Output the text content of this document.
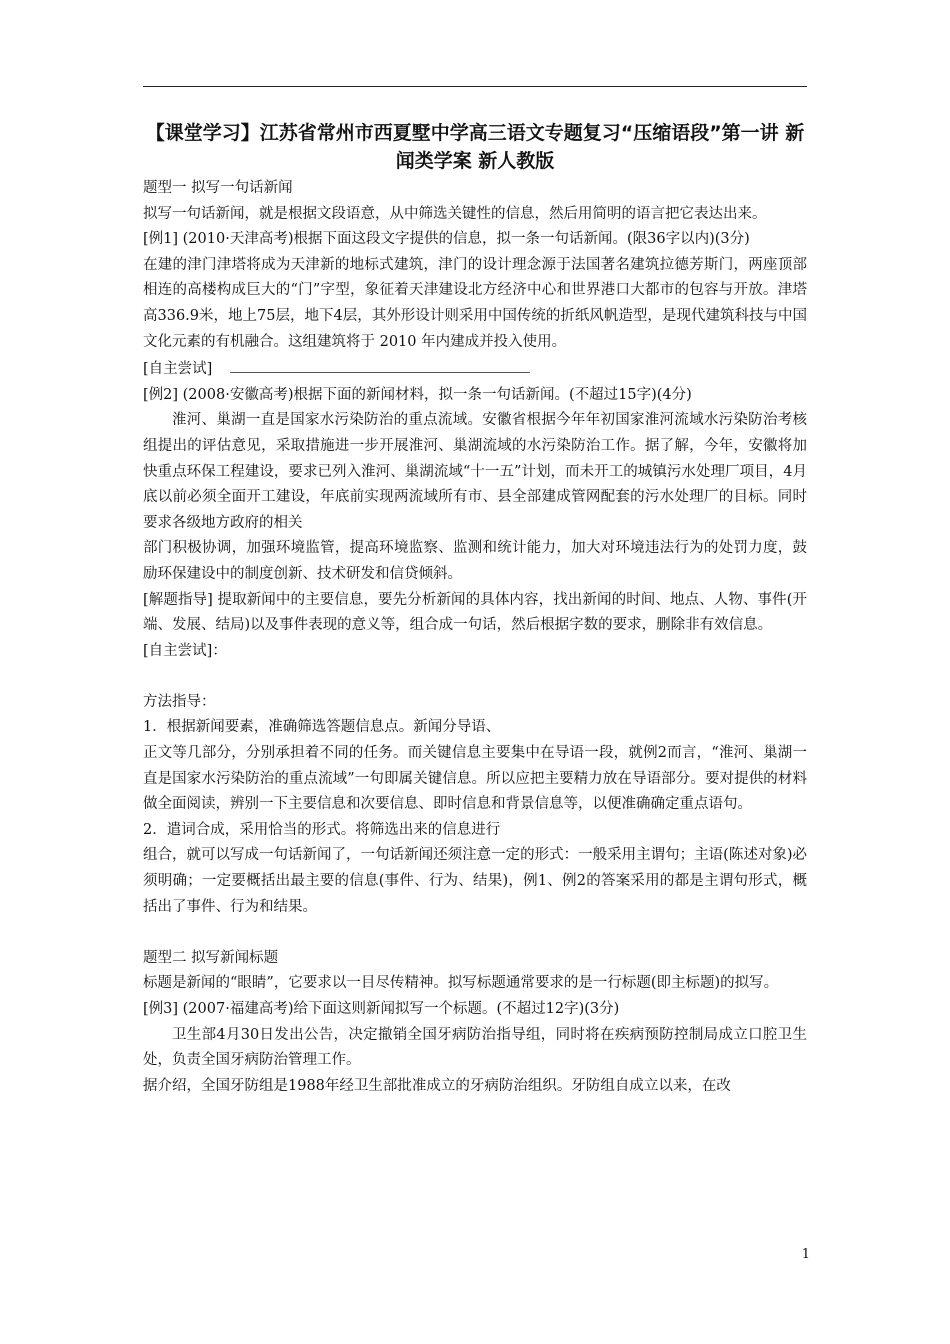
【课堂学习】江苏省常州市西夏墅中学高三语文专题复习“压缩语段”第一讲 新闻类学案 新人教版

题型一 拟写一句话新闻

拟写一句话新闻，就是根据文段语意，从中筛选关键性的信息，然后用简明的语言把它表达出来。

[例1] (2010·天津高考)根据下面这段文字提供的信息，拟一条一句话新闻。(限36字以内)(3分)

在建的津门津塔将成为天津新的地标式建筑，津门的设计理念源于法国著名建筑拉德芳斯门，两座顶部相连的高楼构成巨大的“门”字型，象征着天津建设北方经济中心和世界港口大都市的包容与开放。津塔高336.9米，地上75层，地下4层，其外形设计则采用中国传统的折纸风帆造型，是现代建筑科技与中国文化元素的有机融合。这组建筑将于 2010 年内建成并投入使用。

[自主尝试]

[例2] (2008·安徽高考)根据下面的新闻材料，拟一条一句话新闻。(不超过15字)(4分)

淮河、巢湖一直是国家水污染防治的重点流域。安徽省根据今年年初国家淮河流域水污染防治考核组提出的评估意见，采取措施进一步开展淮河、巢湖流域的水污染防治工作。据了解，今年，安徽将加快重点环保工程建设，要求已列入淮河、巢湖流域“十一五”计划，而未开工的城镇污水处理厂项目，4月底以前必须全面开工建设，年底前实现两流域所有市、县全部建成管网配套的污水处理厂的目标。同时要求各级地方政府的相关

部门积极协调，加强环境监管，提高环境监察、监测和统计能力，加大对环境违法行为的处罚力度，鼓励环保建设中的制度创新、技术研发和信贷倾斜。

[解题指导] 提取新闻中的主要信息，要先分析新闻的具体内容，找出新闻的时间、地点、人物、事件(开端、发展、结局)以及事件表现的意义等，组合成一句话，然后根据字数的要求，删除非有效信息。

[自主尝试]：

方法指导：

1．根据新闻要素，准确筛选答题信息点。新闻分导语、

正文等几部分，分别承担着不同的任务。而关键信息主要集中在导语一段，就例2而言，“淮河、巢湖一直是国家水污染防治的重点流域”一句即属关键信息。所以应把主要精力放在导语部分。要对提供的材料做全面阅读，辨别一下主要信息和次要信息、即时信息和背景信息等，以便准确确定重点语句。

2．遣词合成，采用恰当的形式。将筛选出来的信息进行

组合，就可以写成一句话新闻了，一句话新闻还须注意一定的形式：一般采用主谓句；主语(陈述对象)必须明确；一定要概括出最主要的信息(事件、行为、结果)，例1、例2的答案采用的都是主谓句形式，概括出了事件、行为和结果。

题型二 拟写新闻标题

标题是新闻的“眼睛”，它要求以一目尽传精神。拟写标题通常要求的是一行标题(即主标题)的拟写。

[例3] (2007·福建高考)给下面这则新闻拟写一个标题。(不超过12字)(3分)

卫生部4月30日发出公告，决定撤销全国牙病防治指导组，同时将在疾病预防控制局成立口腔卫生处，负责全国牙病防治管理工作。

据介绍，全国牙防组是1988年经卫生部批准成立的牙病防治组织。牙防组自成立以来，在改

1
